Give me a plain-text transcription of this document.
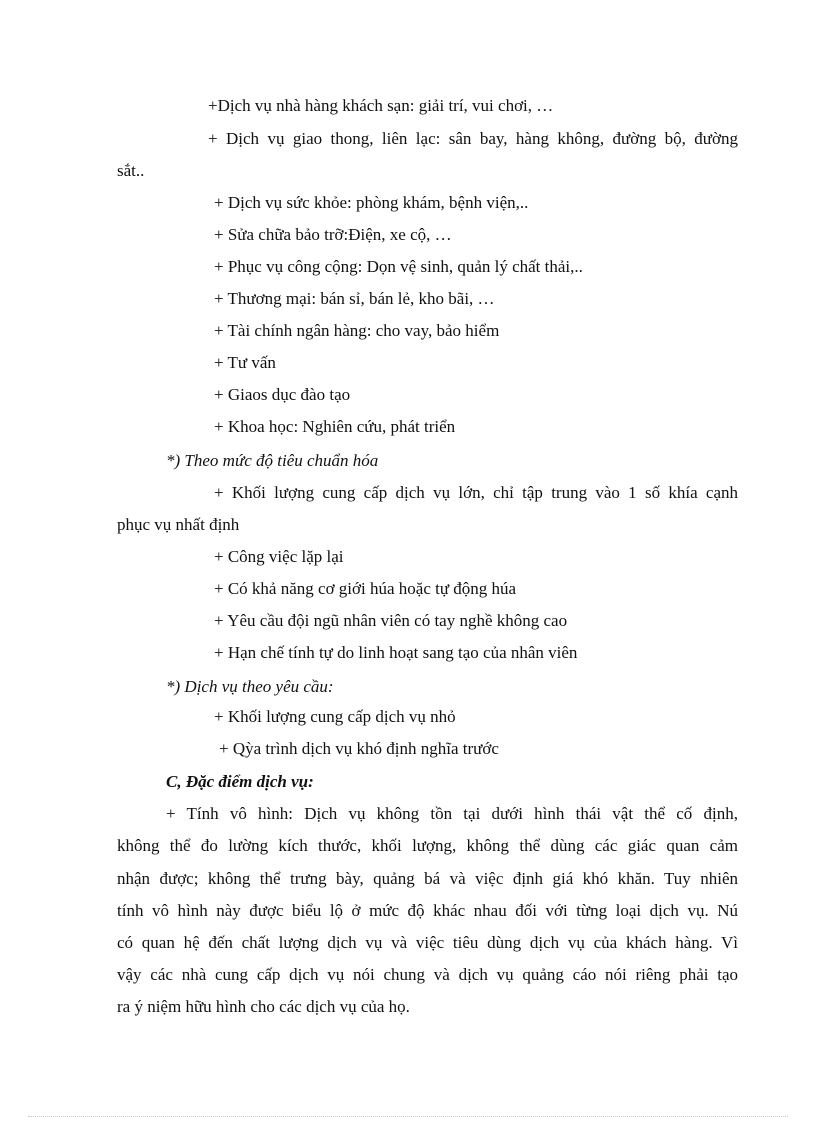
+Dịch vụ nhà hàng khách sạn: giải trí, vui chơi, …
+ Dịch vụ giao thong, liên lạc: sân bay, hàng không, đường bộ, đường
sắt..
+ Dịch vụ sức khỏe: phòng khám, bệnh viện,..
+ Sửa chữa bảo trỡ:Điện, xe cộ, …
+ Phục vụ công cộng: Dọn vệ sinh, quản lý chất thải,..
+ Thương mại: bán sỉ, bán lẻ, kho bãi, …
+ Tài chính ngân hàng: cho vay, bảo hiểm
+ Tư vấn
+ Giaos dục đào tạo
+ Khoa học: Nghiên cứu, phát triển
*) Theo mức độ tiêu chuẩn hóa
+ Khối lượng cung cấp dịch vụ lớn, chỉ tập trung vào 1 số khía cạnh
phục vụ nhất định
+ Công việc lặp lại
+ Có khả năng cơ giới húa hoặc tự động húa
+ Yêu cầu đội ngũ nhân viên có tay nghề không cao
+ Hạn chế tính tự do linh hoạt sang tạo của nhân viên
*) Dịch vụ theo yêu cầu:
+ Khối lượng cung cấp dịch vụ nhỏ
+ Qỳa trình dịch vụ khó định nghĩa trước
C, Đặc điểm dịch vụ:
+ Tính vô hình: Dịch vụ không tồn tại dưới hình thái vật thể cố định,
không thể đo lường kích thước, khối lượng, không thể dùng các giác quan cảm
nhận được; không thể trưng bày, quảng bá và việc định giá khó khăn. Tuy nhiên
tính vô hình này được biểu lộ ở mức độ khác nhau đối với từng loại dịch vụ. Nú
có quan hệ đến chất lượng dịch vụ và việc tiêu dùng dịch vụ của khách hàng. Vì
vậy các nhà cung cấp dịch vụ nói chung và dịch vụ quảng cáo nói riêng phải tạo
ra ý niệm hữu hình cho các dịch vụ của họ.
